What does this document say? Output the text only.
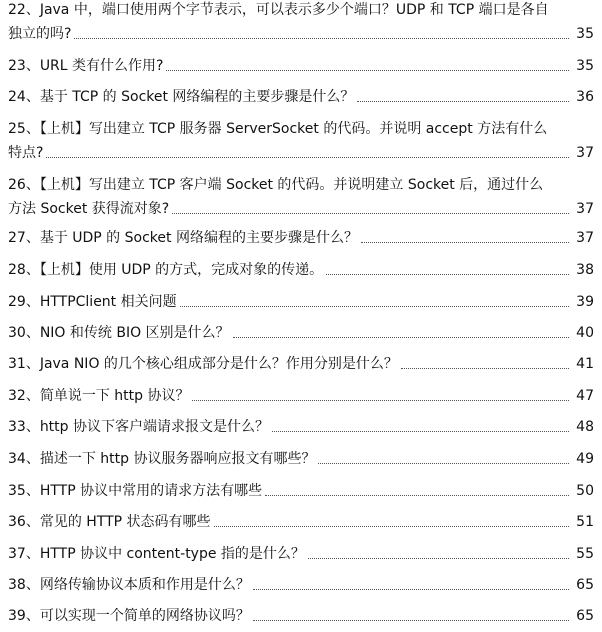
22、Java 中，端口使用两个字节表示，可以表示多少个端口？UDP 和 TCP 端口是各自
独立的吗?	35
23、URL 类有什么作用?	35
24、基于 TCP 的 Socket 网络编程的主要步骤是什么？	36
25、【上机】写出建立 TCP 服务器 ServerSocket 的代码。并说明 accept 方法有什么
特点?	37
26、【上机】写出建立 TCP 客户端 Socket 的代码。并说明建立 Socket 后，通过什么
方法 Socket 获得流对象?	37
27、基于 UDP 的 Socket 网络编程的主要步骤是什么？	37
28、【上机】使用 UDP 的方式，完成对象的传递。	38
29、HTTPClient 相关问题	39
30、NIO 和传统 BIO 区别是什么？	40
31、Java NIO 的几个核心组成部分是什么？作用分别是什么？	41
32、简单说一下 http 协议？	47
33、http 协议下客户端请求报文是什么？	48
34、描述一下 http 协议服务器响应报文有哪些？	49
35、HTTP 协议中常用的请求方法有哪些	50
36、常见的 HTTP 状态码有哪些	51
37、HTTP 协议中 content-type 指的是什么？	55
38、网络传输协议本质和作用是什么？	65
39、可以实现一个简单的网络协议吗？	65
